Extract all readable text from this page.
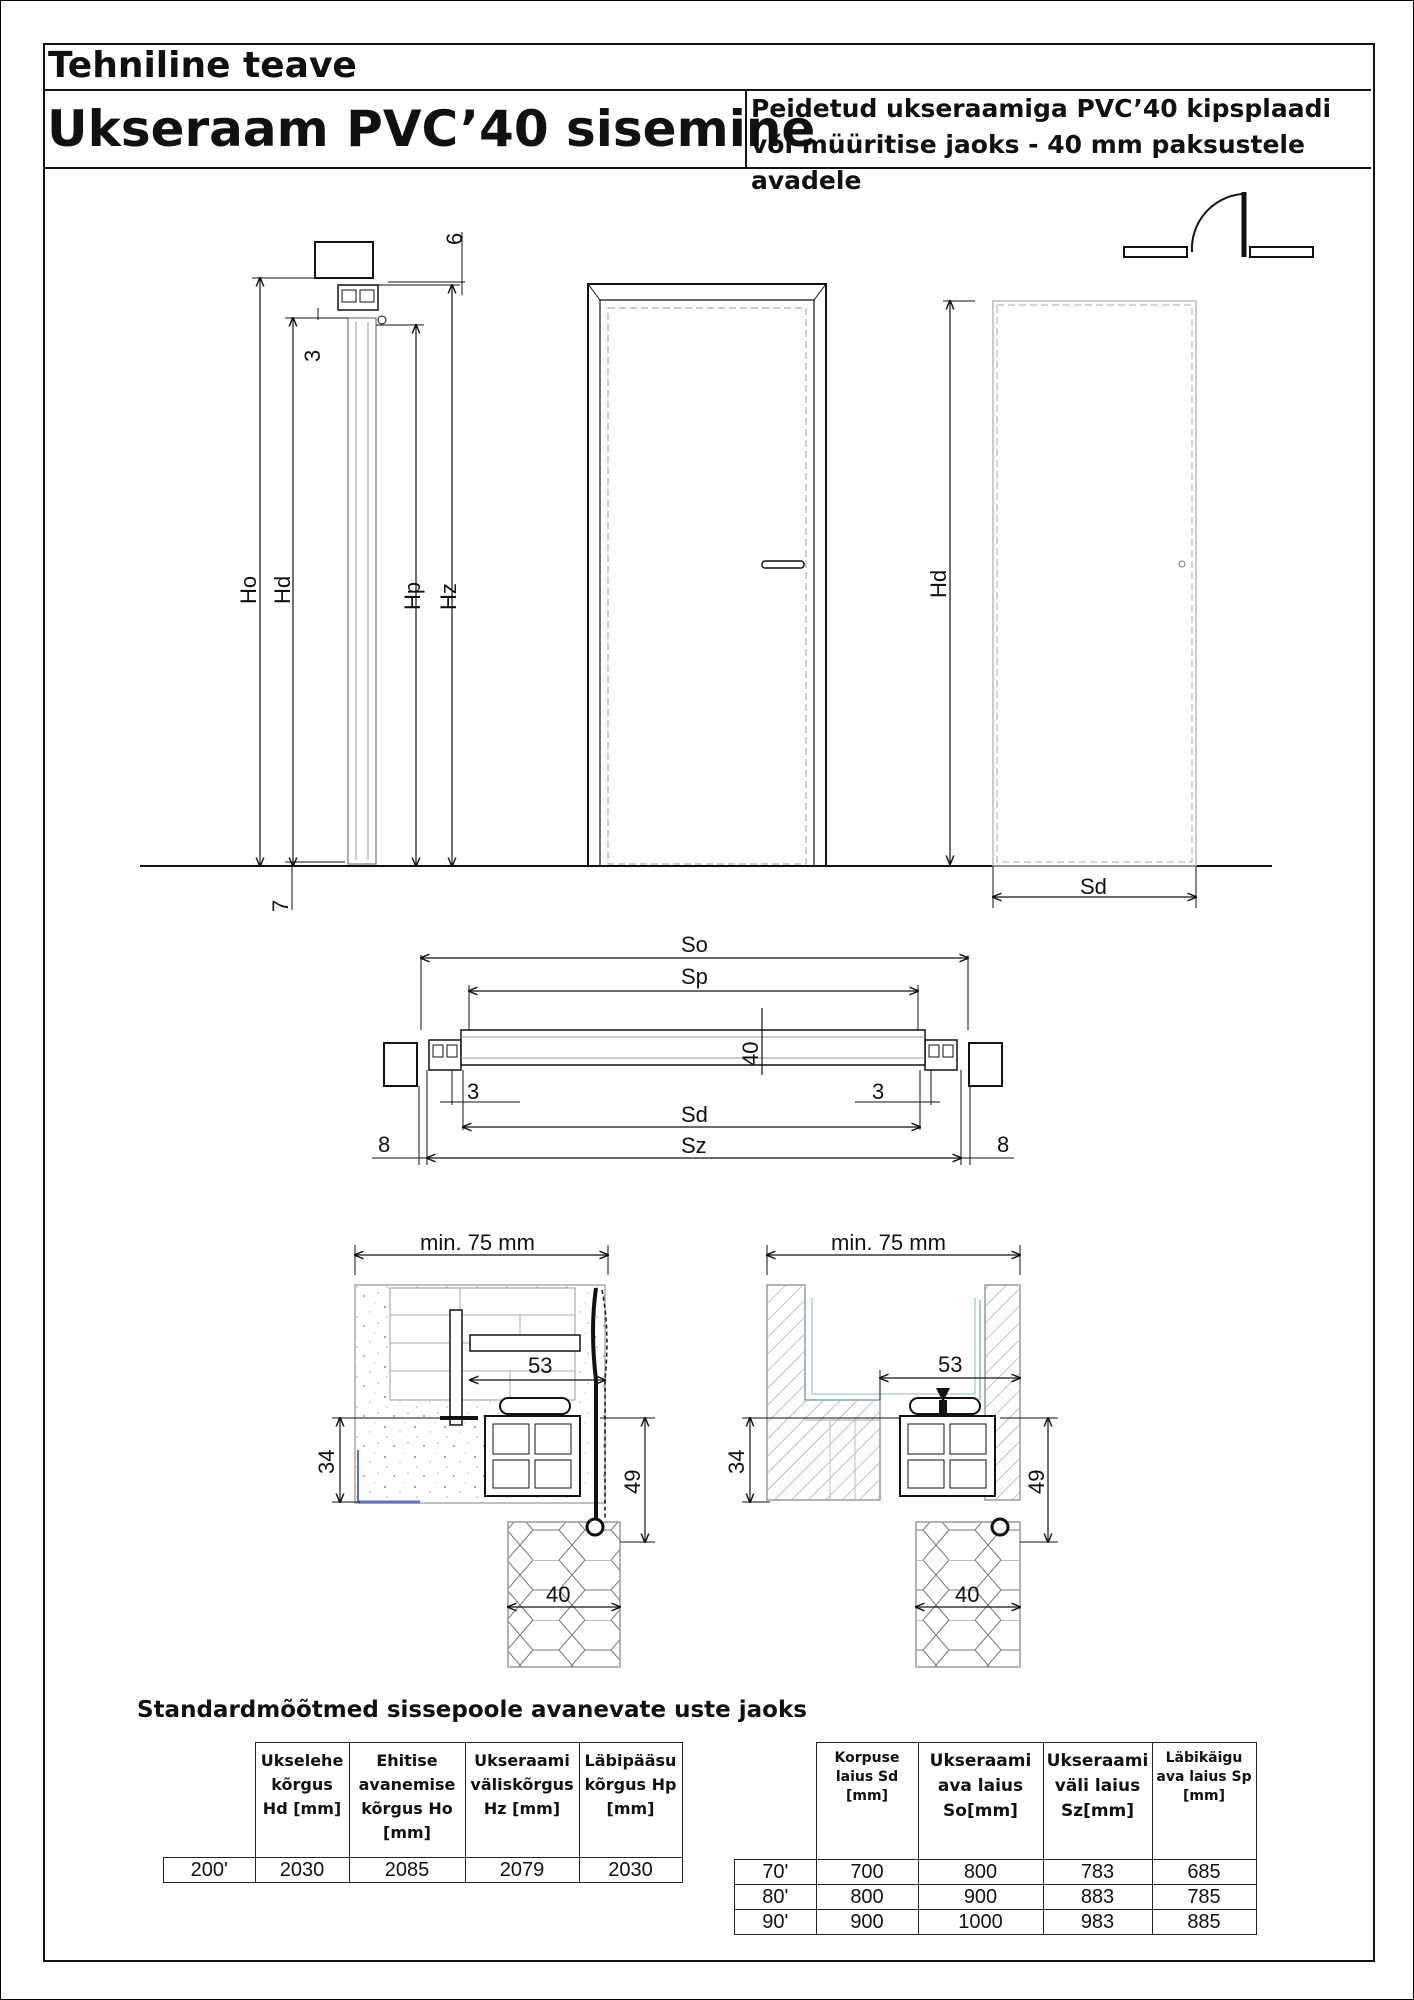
Tehniline teave
Ukseraam PVC’40 sisemine
Peidetud ukseraamiga PVC’40 kipsplaadi või müüritise jaoks - 40 mm paksustele avadele
6
3
7
Ho Hd	Hp Hz	Hd
Sd
So
Sp
40
3	3
Sd
Sz
8	8
min. 75 mm
53
34
49
40
min. 75 mm
53
34
49
40
Standardmõõtmed sissepoole avanevate uste jaoks
	Ukselehe kõrgus Hd [mm]	Ehitise avanemise kõrgus Ho [mm]	Ukseraami väliskõrgus Hz [mm]	Läbipääsu kõrgus Hp [mm]
200'	2030	2085	2079	2030
	Korpuse laius Sd [mm]	Ukseraami ava laius So[mm]	Ukseraami väli laius Sz[mm]	Läbikäigu ava laius Sp [mm]
70'	700	800	783	685
80'	800	900	883	785
90'	900	1000	983	885
